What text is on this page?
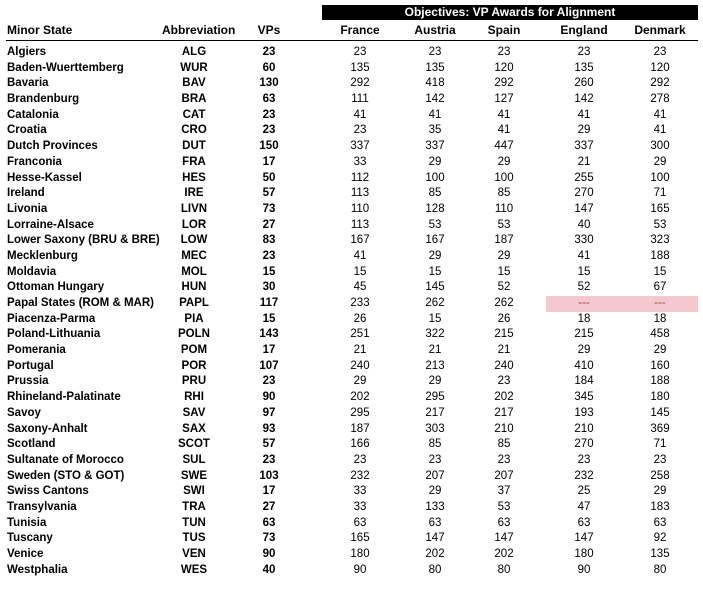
Objectives: VP Awards for Alignment
Minor State	Abbreviation	VPs	France	Austria	Spain	England	Denmark
Algiers	ALG	23	23	23	23	23	23
Baden-Wuerttemberg	WUR	60	135	135	120	135	120
Bavaria	BAV	130	292	418	292	260	292
Brandenburg	BRA	63	111	142	127	142	278
Catalonia	CAT	23	41	41	41	41	41
Croatia	CRO	23	23	35	41	29	41
Dutch Provinces	DUT	150	337	337	447	337	300
Franconia	FRA	17	33	29	29	21	29
Hesse-Kassel	HES	50	112	100	100	255	100
Ireland	IRE	57	113	85	85	270	71
Livonia	LIVN	73	110	128	110	147	165
Lorraine-Alsace	LOR	27	113	53	53	40	53
Lower Saxony (BRU & BRE)	LOW	83	167	167	187	330	323
Mecklenburg	MEC	23	41	29	29	41	188
Moldavia	MOL	15	15	15	15	15	15
Ottoman Hungary	HUN	30	45	145	52	52	67
Papal States (ROM & MAR)	PAPL	117	233	262	262	---	---
Piacenza-Parma	PIA	15	26	15	26	18	18
Poland-Lithuania	POLN	143	251	322	215	215	458
Pomerania	POM	17	21	21	21	29	29
Portugal	POR	107	240	213	240	410	160
Prussia	PRU	23	29	29	23	184	188
Rhineland-Palatinate	RHI	90	202	295	202	345	180
Savoy	SAV	97	295	217	217	193	145
Saxony-Anhalt	SAX	93	187	303	210	210	369
Scotland	SCOT	57	166	85	85	270	71
Sultanate of Morocco	SUL	23	23	23	23	23	23
Sweden (STO & GOT)	SWE	103	232	207	207	232	258
Swiss Cantons	SWI	17	33	29	37	25	29
Transylvania	TRA	27	33	133	53	47	183
Tunisia	TUN	63	63	63	63	63	63
Tuscany	TUS	73	165	147	147	147	92
Venice	VEN	90	180	202	202	180	135
Westphalia	WES	40	90	80	80	90	80
